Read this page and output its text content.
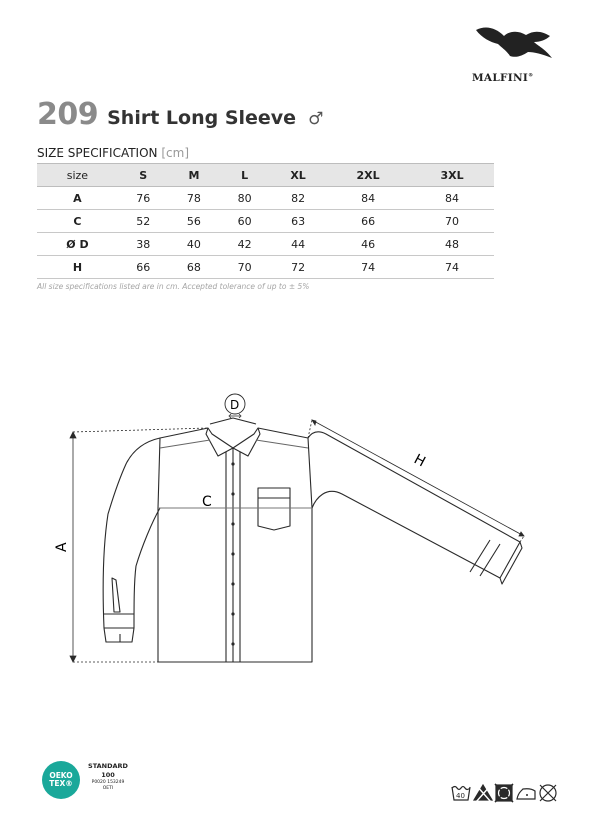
MALFINI®
209 Shirt Long Sleeve ♂
SIZE SPECIFICATION [cm]
size	S	M	L	XL	2XL	3XL
A	76	78	80	82	84	84
C	52	56	60	63	66	70
Ø D	38	40	42	44	46	48
H	66	68	70	72	74	74
All size specifications listed are in cm. Accepted tolerance of up to ± 5%
A
C
D
H
OEKO
TEX®
STANDARD
100
P0020 153249
OETI
40
